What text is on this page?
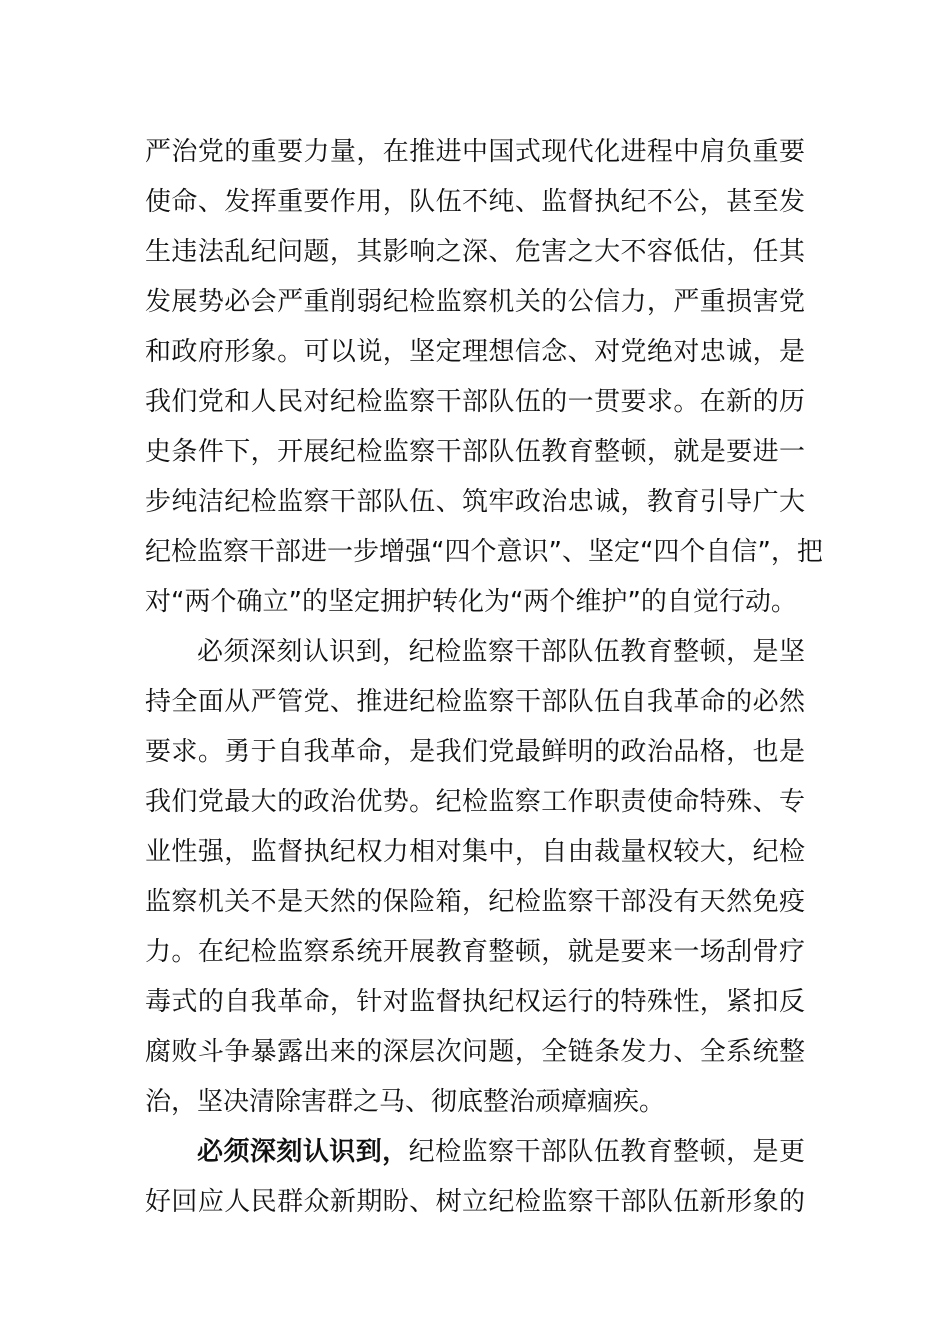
严治党的重要力量，在推进中国式现代化进程中肩负重要
使命、发挥重要作用，队伍不纯、监督执纪不公，甚至发
生违法乱纪问题，其影响之深、危害之大不容低估，任其
发展势必会严重削弱纪检监察机关的公信力，严重损害党
和政府形象。可以说，坚定理想信念、对党绝对忠诚，是
我们党和人民对纪检监察干部队伍的一贯要求。在新的历
史条件下，开展纪检监察干部队伍教育整顿，就是要进一
步纯洁纪检监察干部队伍、筑牢政治忠诚，教育引导广大
纪检监察干部进一步增强“四个意识”、坚定“四个自信”，把
对“两个确立”的坚定拥护转化为“两个维护”的自觉行动。
必须深刻认识到，纪检监察干部队伍教育整顿，是坚
持全面从严管党、推进纪检监察干部队伍自我革命的必然
要求。勇于自我革命，是我们党最鲜明的政治品格，也是
我们党最大的政治优势。纪检监察工作职责使命特殊、专
业性强，监督执纪权力相对集中，自由裁量权较大，纪检
监察机关不是天然的保险箱，纪检监察干部没有天然免疫
力。在纪检监察系统开展教育整顿，就是要来一场刮骨疗
毒式的自我革命，针对监督执纪权运行的特殊性，紧扣反
腐败斗争暴露出来的深层次问题，全链条发力、全系统整
治，坚决清除害群之马、彻底整治顽瘴痼疾。
必须深刻认识到，纪检监察干部队伍教育整顿，是更
好回应人民群众新期盼、树立纪检监察干部队伍新形象的
